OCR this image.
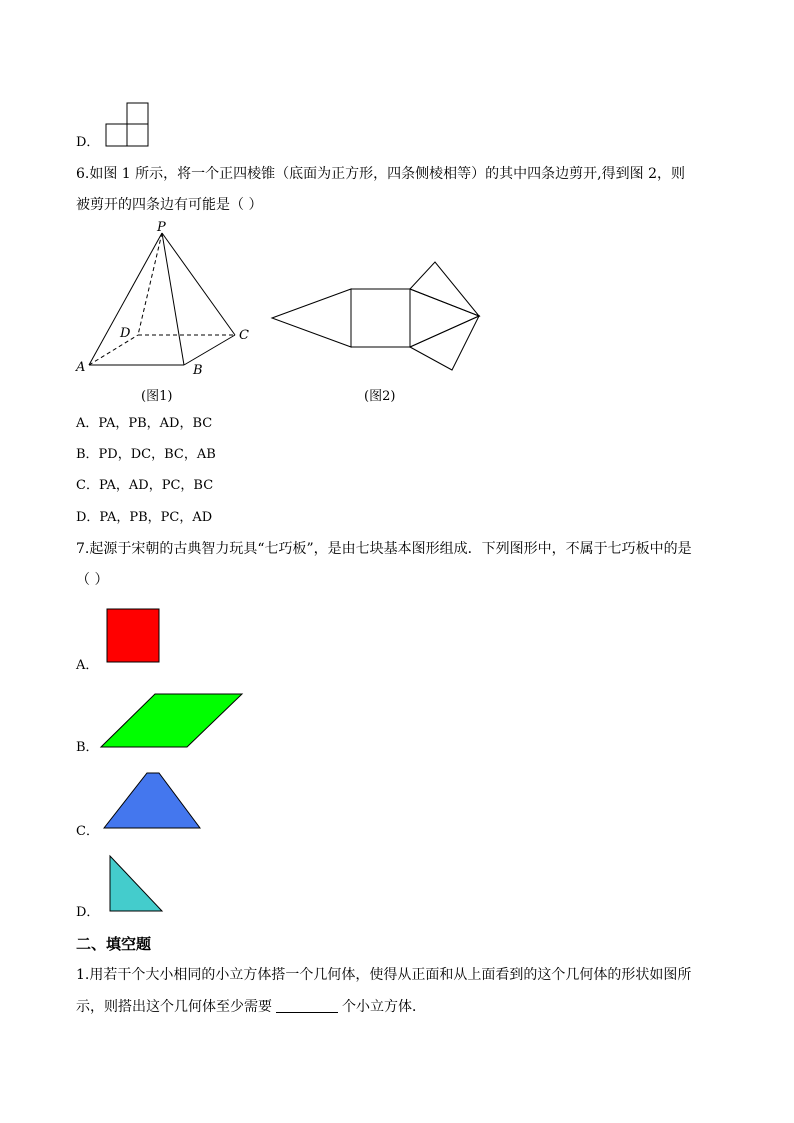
D．
6.如图 1 所示，将一个正四棱锥（底面为正方形，四条侧棱相等）的其中四条边剪开,得到图 2，则
被剪开的四条边有可能是（ ）
P
D	C
A	B
(图1)	(图2)
A．PA，PB，AD，BC
B．PD，DC，BC，AB
C．PA，AD，PC，BC
D．PA，PB，PC，AD
7.起源于宋朝的古典智力玩具“七巧板”，是由七块基本图形组成．下列图形中，不属于七巧板中的是
（ ）
A．
B．
C．
D．
二、填空题
1.用若干个大小相同的小立方体搭一个几何体，使得从正面和从上面看到的这个几何体的形状如图所
示，则搭出这个几何体至少需要	个小立方体．
